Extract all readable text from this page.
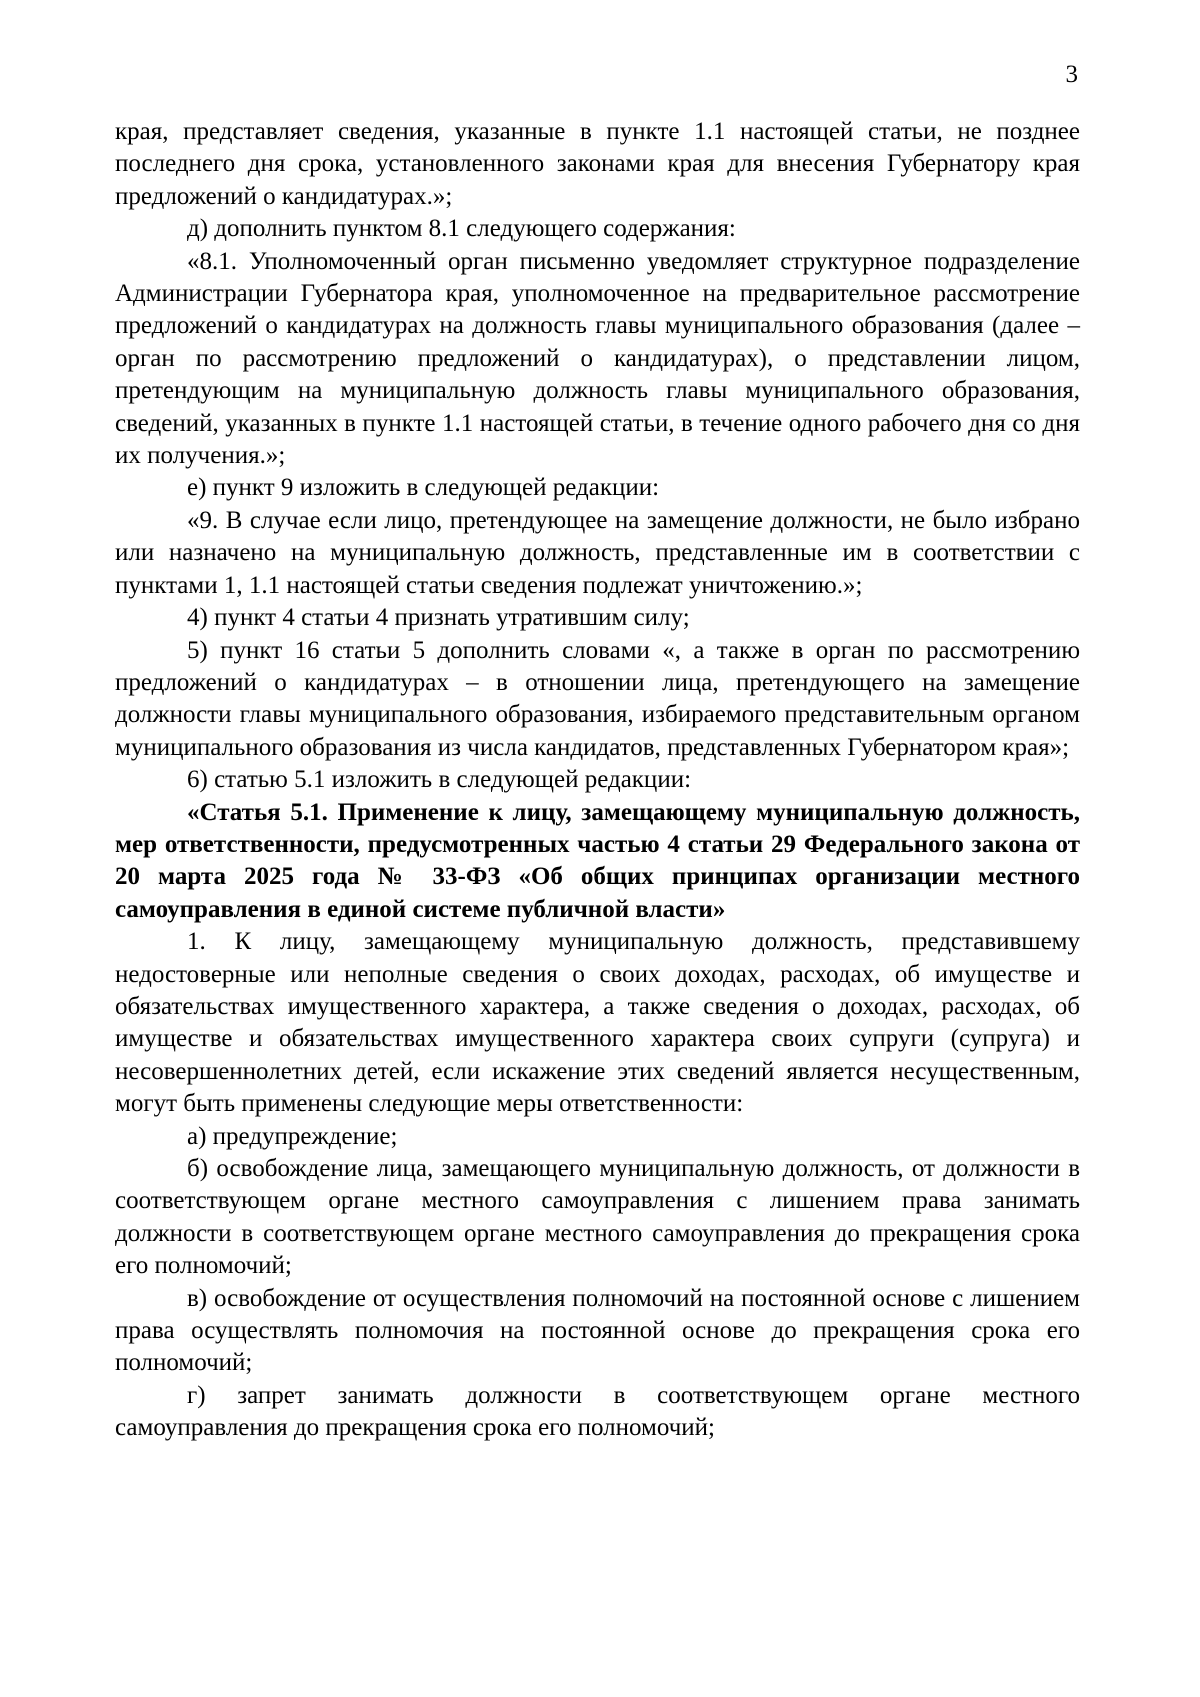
3

края, представляет сведения, указанные в пункте 1.1 настоящей статьи, не позднее последнего дня срока, установленного законами края для внесения Губернатору края предложений о кандидатурах.»;

д) дополнить пунктом 8.1 следующего содержания:

«8.1. Уполномоченный орган письменно уведомляет структурное подразделение Администрации Губернатора края, уполномоченное на предварительное рассмотрение предложений о кандидатурах на должность главы муниципального образования (далее – орган по рассмотрению предложений о кандидатурах), о представлении лицом, претендующим на муниципальную должность главы муниципального образования, сведений, указанных в пункте 1.1 настоящей статьи, в течение одного рабочего дня со дня их получения.»;

е) пункт 9 изложить в следующей редакции:

«9. В случае если лицо, претендующее на замещение должности, не было избрано или назначено на муниципальную должность, представленные им в соответствии с пунктами 1, 1.1 настоящей статьи сведения подлежат уничтожению.»;

4) пункт 4 статьи 4 признать утратившим силу;

5) пункт 16 статьи 5 дополнить словами «, а также в орган по рассмотрению предложений о кандидатурах – в отношении лица, претендующего на замещение должности главы муниципального образования, избираемого представительным органом муниципального образования из числа кандидатов, представленных Губернатором края»;

6) статью 5.1 изложить в следующей редакции:

«Статья 5.1. Применение к лицу, замещающему муниципальную должность, мер ответственности, предусмотренных частью 4 статьи 29 Федерального закона от 20 марта 2025 года № 33-ФЗ «Об общих принципах организации местного самоуправления в единой системе публичной власти»

1. К лицу, замещающему муниципальную должность, представившему недостоверные или неполные сведения о своих доходах, расходах, об имуществе и обязательствах имущественного характера, а также сведения о доходах, расходах, об имуществе и обязательствах имущественного характера своих супруги (супруга) и несовершеннолетних детей, если искажение этих сведений является несущественным, могут быть применены следующие меры ответственности:

а) предупреждение;

б) освобождение лица, замещающего муниципальную должность, от должности в соответствующем органе местного самоуправления с лишением права занимать должности в соответствующем органе местного самоуправления до прекращения срока его полномочий;

в) освобождение от осуществления полномочий на постоянной основе с лишением права осуществлять полномочия на постоянной основе до прекращения срока его полномочий;

г) запрет занимать должности в соответствующем органе местного самоуправления до прекращения срока его полномочий;
